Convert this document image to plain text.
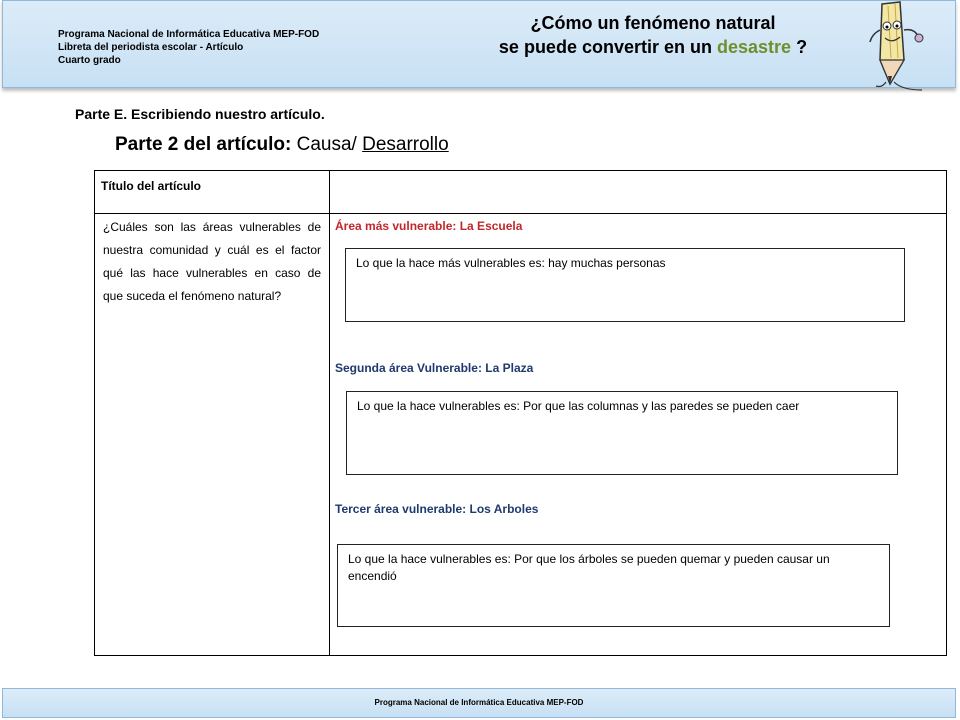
Programa Nacional de Informática Educativa MEP-FOD
Libreta del periodista escolar - Artículo
Cuarto grado
¿Cómo un fenómeno natural
se puede convertir en un desastre ?
Parte E. Escribiendo nuestro artículo.
Parte 2 del artículo: Causa/ Desarrollo
Título del artículo
¿Cuáles son las áreas vulnerables de nuestra comunidad y cuál es el factor qué las hace vulnerables en caso de que suceda el fenómeno natural?
Área más vulnerable: La Escuela
Lo que la hace más vulnerables es: hay muchas personas
Segunda área Vulnerable: La Plaza
Lo que la hace vulnerables es: Por que las columnas y las paredes se pueden caer
Tercer área vulnerable: Los Arboles
Lo que la hace vulnerables es: Por que los árboles se pueden quemar y pueden causar un encendió
Programa Nacional de Informática Educativa MEP-FOD
